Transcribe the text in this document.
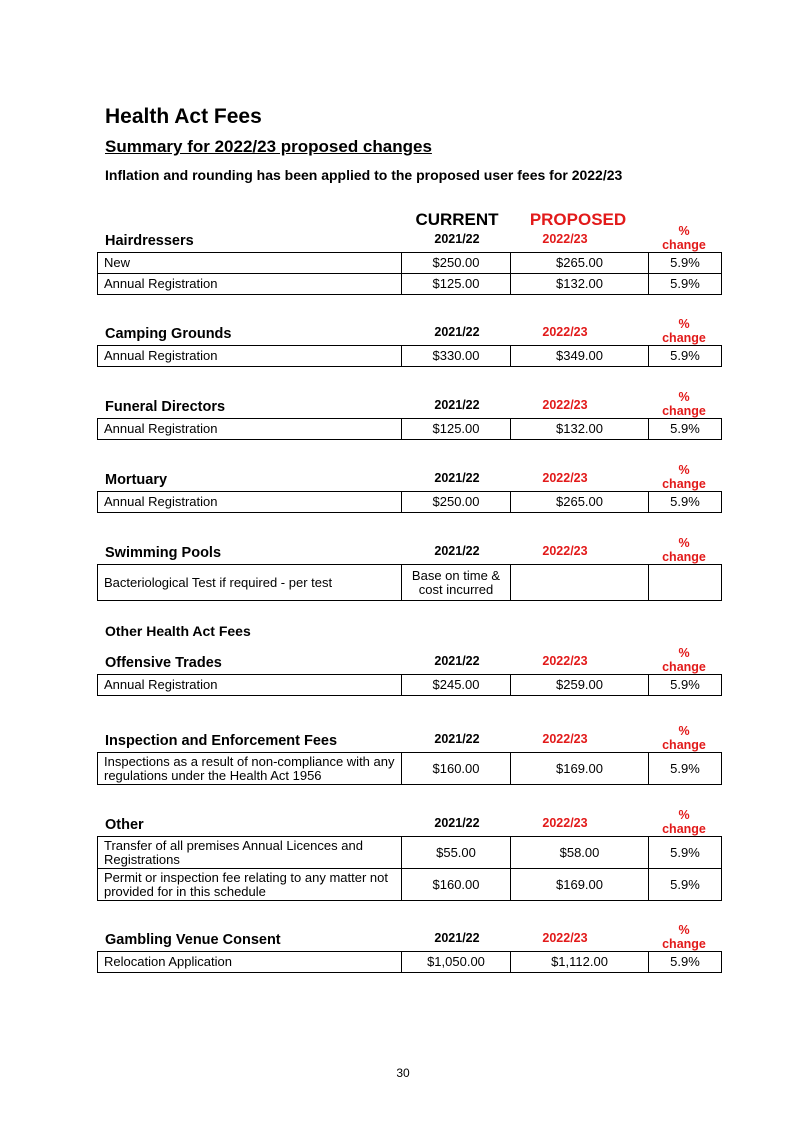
Health Act Fees
Summary for 2022/23 proposed changes
Inflation and rounding has been applied to the proposed user fees for 2022/23
CURRENT	PROPOSED
Hairdressers	2021/22	2022/23
%
change
New	$250.00	$265.00	5.9%
Annual Registration	$125.00	$132.00	5.9%
Camping Grounds	2021/22	2022/23
%
change
Annual Registration	$330.00	$349.00	5.9%
Funeral Directors	2021/22	2022/23
%
change
Annual Registration	$125.00	$132.00	5.9%
Mortuary	2021/22	2022/23
%
change
Annual Registration	$250.00	$265.00	5.9%
Swimming Pools	2021/22	2022/23
%
change
Bacteriological Test if required - per test	Base on time & cost incurred		
Other Health Act Fees
Offensive Trades	2021/22	2022/23
%
change
Annual Registration	$245.00	$259.00	5.9%
Inspection and Enforcement Fees	2021/22	2022/23
%
change
Inspections as a result of non-compliance with any regulations under the Health Act 1956	$160.00	$169.00	5.9%
Other	2021/22	2022/23
%
change
Transfer of all premises Annual Licences and Registrations	$55.00	$58.00	5.9%
Permit or inspection fee relating to any matter not provided for in this schedule	$160.00	$169.00	5.9%
Gambling Venue Consent	2021/22	2022/23
%
change
Relocation Application	$1,050.00	$1,112.00	5.9%
30
